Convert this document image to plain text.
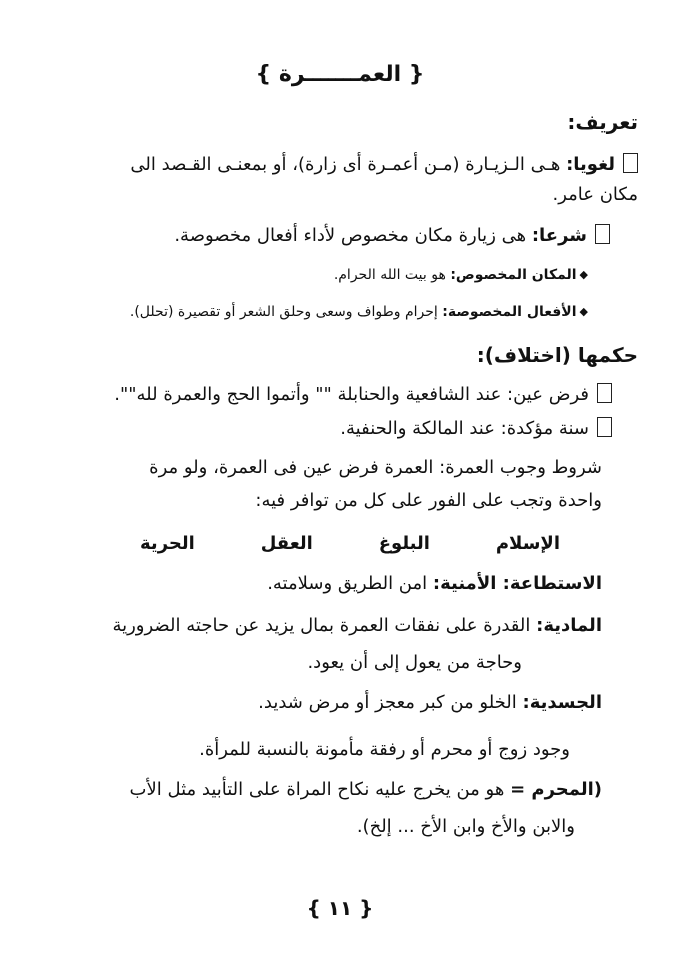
{ العمـــــــرة }
تعريف:
لغويا: هـى الـزيـارة (مـن أعمـرة أى زارة)، أو بمعنـى القـصد الى
مكان عامر.
شرعا: هى زيارة مكان مخصوص لأداء أفعال مخصوصة.
◆المكان المخصوص: هو بيت الله الحرام.
◆الأفعال المخصوصة: إحرام وطواف وسعى وحلق الشعر أو تقصيرة (تحلل).
حكمها (اختلاف):
فرض عين: عند الشافعية والحنابلة "" وأتموا الحج والعمرة لله"".
سنة مؤكدة: عند المالكة والحنفية.
شروط وجوب العمرة: العمرة فرض عين فى العمرة، ولو مرة
واحدة وتجب على الفور على كل من توافر فيه:
الإسلام
البلوغ
العقل
الحرية
الاستطاعة: الأمنية: امن الطريق وسلامته.
المادية: القدرة على نفقات العمرة بمال يزيد عن حاجته الضرورية
وحاجة من يعول إلى أن يعود.
الجسدية: الخلو من كبر معجز أو مرض شديد.
وجود زوج أو محرم أو رفقة مأمونة بالنسبة للمرأة.
(المحرم = هو من يخرج عليه نكاح المراة على التأبيد مثل الأب
والابن والأخ وابن الأخ ... إلخ).
{ ١١ }
